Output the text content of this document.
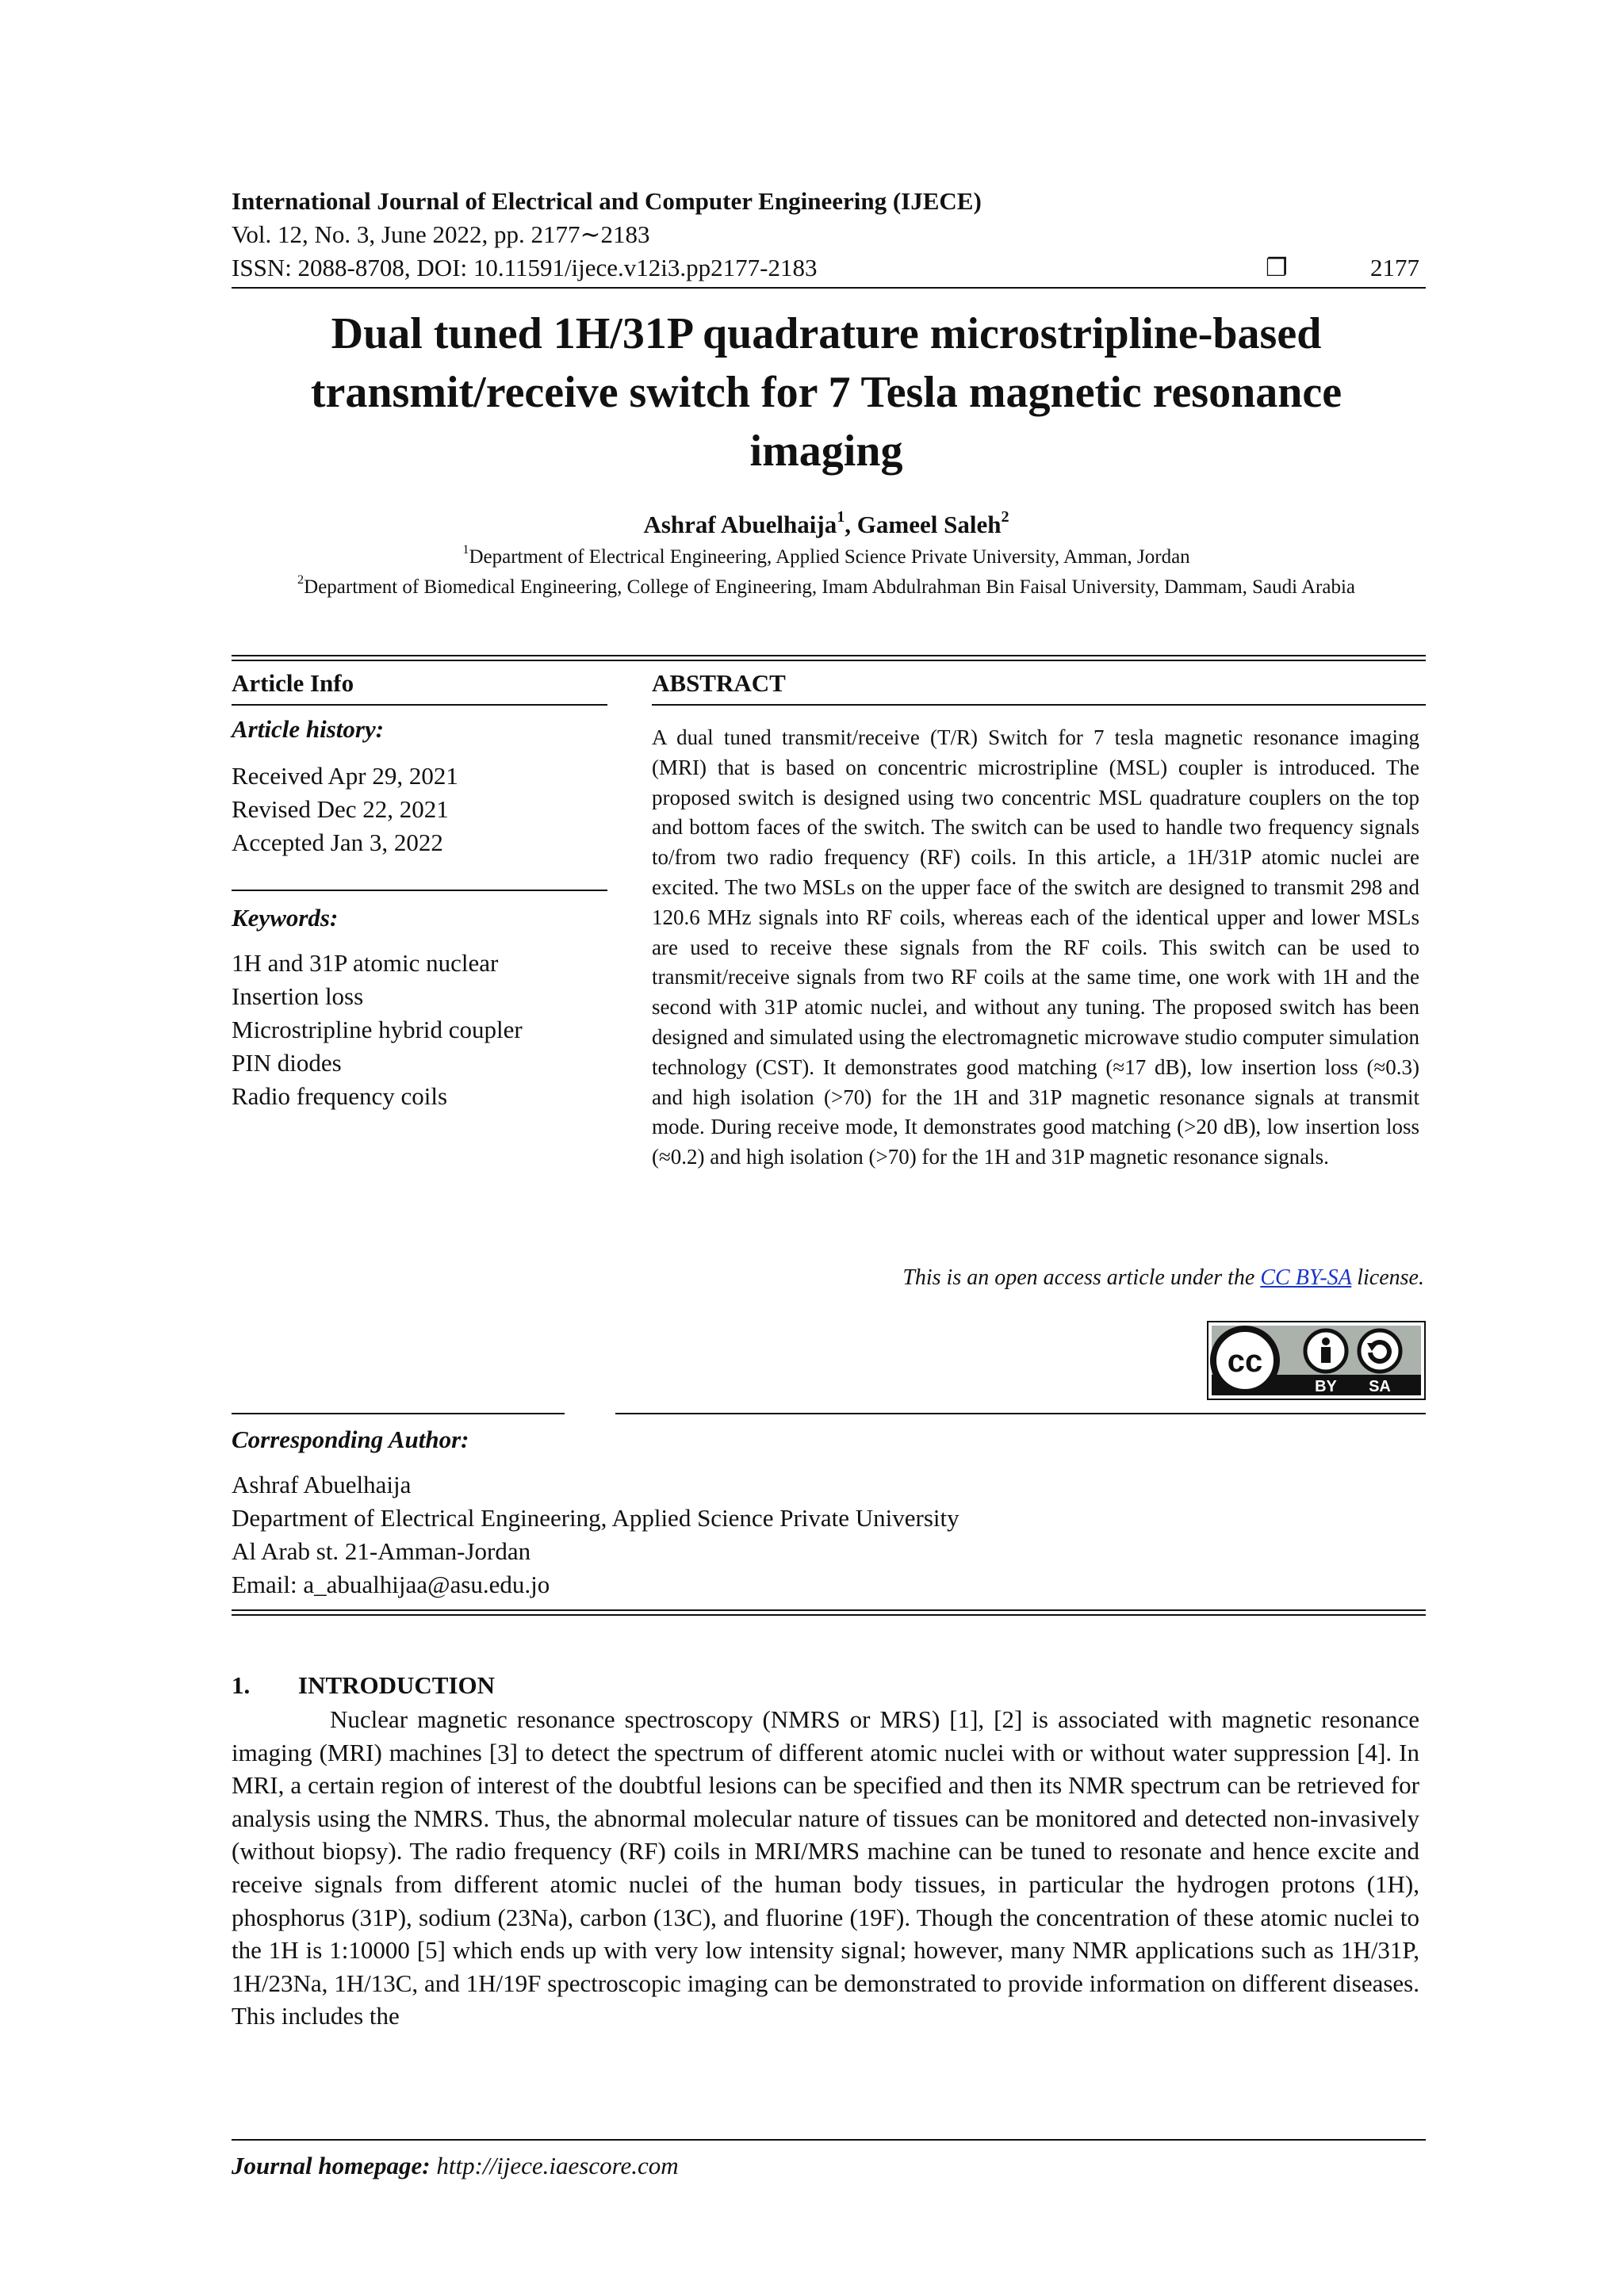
International Journal of Electrical and Computer Engineering (IJECE)
Vol. 12, No. 3, June 2022, pp. 2177∼2183
ISSN: 2088-8708, DOI: 10.11591/ijece.v12i3.pp2177-2183	❐	2177
Dual tuned 1H/31P quadrature microstripline-based transmit/receive switch for 7 Tesla magnetic resonance imaging
Ashraf Abuelhaija$^1$, Gameel Saleh$^2$
$^1$Department of Electrical Engineering, Applied Science Private University, Amman, Jordan
$^2$Department of Biomedical Engineering, College of Engineering, Imam Abdulrahman Bin Faisal University, Dammam, Saudi Arabia
Article Info
Article history:
Received Apr 29, 2021
Revised Dec 22, 2021
Accepted Jan 3, 2022
Keywords:
1H and 31P atomic nuclear
Insertion loss
Microstripline hybrid coupler
PIN diodes
Radio frequency coils
ABSTRACT
A dual tuned transmit/receive (T/R) Switch for 7 tesla magnetic resonance imaging (MRI) that is based on concentric microstripline (MSL) coupler is introduced. The proposed switch is designed using two concentric MSL quadrature couplers on the top and bottom faces of the switch. The switch can be used to handle two frequency signals to/from two radio frequency (RF) coils. In this article, a 1H/31P atomic nuclei are excited. The two MSLs on the upper face of the switch are designed to transmit 298 and 120.6 MHz signals into RF coils, whereas each of the identical upper and lower MSLs are used to receive these signals from the RF coils. This switch can be used to transmit/receive signals from two RF coils at the same time, one work with 1H and the second with 31P atomic nuclei, and without any tuning. The proposed switch has been designed and simulated using the electromagnetic microwave studio computer simulation technology (CST). It demonstrates good matching (≈17 dB), low insertion loss (≈0.3) and high isolation (>70) for the 1H and 31P magnetic resonance signals at transmit mode. During receive mode, It demonstrates good matching (>20 dB), low insertion loss (≈0.2) and high isolation (>70) for the 1H and 31P magnetic resonance signals.
This is an open access article under the CC BY-SA license.
cc
BY SA
Corresponding Author:
Ashraf Abuelhaija
Department of Electrical Engineering, Applied Science Private University
Al Arab st. 21-Amman-Jordan
Email: a_abualhijaa@asu.edu.jo
1. INTRODUCTION
Nuclear magnetic resonance spectroscopy (NMRS or MRS) [1], [2] is associated with magnetic resonance imaging (MRI) machines [3] to detect the spectrum of different atomic nuclei with or without water suppression [4]. In MRI, a certain region of interest of the doubtful lesions can be specified and then its NMR spectrum can be retrieved for analysis using the NMRS. Thus, the abnormal molecular nature of tissues can be monitored and detected non-invasively (without biopsy). The radio frequency (RF) coils in MRI/MRS machine can be tuned to resonate and hence excite and receive signals from different atomic nuclei of the human body tissues, in particular the hydrogen protons (1H), phosphorus (31P), sodium (23Na), carbon (13C), and fluorine (19F). Though the concentration of these atomic nuclei to the 1H is 1:10000 [5] which ends up with very low intensity signal; however, many NMR applications such as 1H/31P, 1H/23Na, 1H/13C, and 1H/19F spectroscopic imaging can be demonstrated to provide information on different diseases. This includes the
Journal homepage: http://ijece.iaescore.com
